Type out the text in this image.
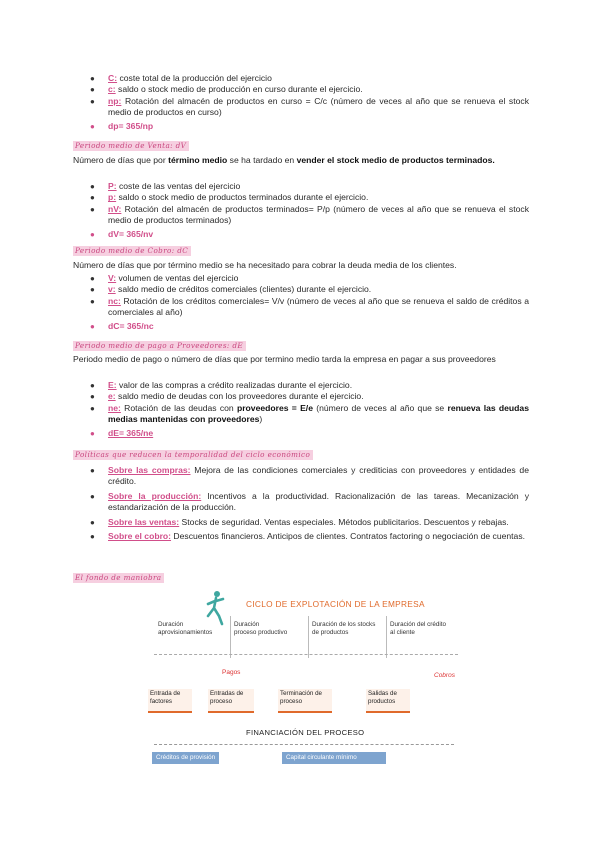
● C: coste total de la producción del ejercicio
● c: saldo o stock medio de producción en curso durante el ejercicio.
● np: Rotación del almacén de productos en curso = C/c (número de veces al año que se renueva el stock medio de productos en curso)
● dp= 365/np
Periodo medio de Venta: dV
Número de días que por término medio se ha tardado en vender el stock medio de productos terminados.
● P: coste de las ventas del ejercicio
● p: saldo o stock medio de productos terminados durante el ejercicio.
● nV: Rotación del almacén de productos terminados= P/p (número de veces al año que se renueva el stock medio de productos terminados)
● dV= 365/nv
Periodo medio de Cobro: dC
Número de días que por término medio se ha necesitado para cobrar la deuda media de los clientes.
● V: volumen de ventas del ejercicio
● v: saldo medio de créditos comerciales (clientes) durante el ejercicio.
● nc: Rotación de los créditos comerciales= V/v (número de veces al año que se renueva el saldo de créditos a comerciales al año)
● dC= 365/nc
Periodo medio de pago a Proveedores: dE
Periodo medio de pago o número de días que por termino medio tarda la empresa en pagar a sus proveedores
● E: valor de las compras a crédito realizadas durante el ejercicio.
● e: saldo medio de deudas con los proveedores durante el ejercicio.
● ne: Rotación de las deudas con proveedores = E/e (número de veces al año que se renueva las deudas medias mantenidas con proveedores)
● dE= 365/ne
Políticas que reducen la temporalidad del ciclo económico
● Sobre las compras: Mejora de las condiciones comerciales y crediticias con proveedores y entidades de crédito.
● Sobre la producción: Incentivos a la productividad. Racionalización de las tareas. Mecanización y estandarización de la producción.
● Sobre las ventas: Stocks de seguridad. Ventas especiales. Métodos publicitarios. Descuentos y rebajas.
● Sobre el cobro: Descuentos financieros. Anticipos de clientes. Contratos factoring o negociación de cuentas.
El fondo de maniobra
CICLO DE EXPLOTACIÓN DE LA EMPRESA
Duración
aprovisionamientos
Duración
proceso productivo
Duración de los stocks
de productos
Duración del crédito
al cliente
Pagos	Cobros
Entrada de
factores
Entradas de
proceso
Terminación de
proceso
Salidas de
productos
FINANCIACIÓN DEL PROCESO
Créditos de provisión	Capital circulante mínimo
